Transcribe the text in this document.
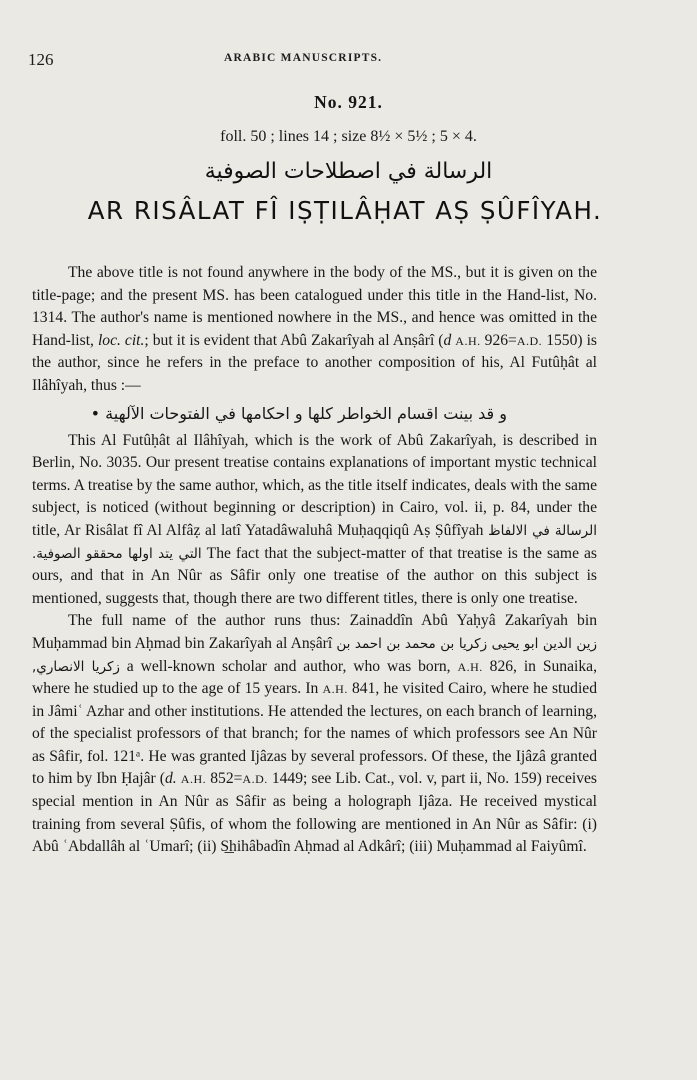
126	ARABIC MANUSCRIPTS.
No. 921.
foll. 50 ; lines 14 ; size 8½ × 5½ ; 5 × 4.
الرسالة في اصطلاحات الصوفية
AR RISÂLAT FÎ IṢṬILÂḤAT AṢ ṢÛFÎYAH.

The above title is not found anywhere in the body of the MS., but it is given on the title-page; and the present MS. has been catalogued under this title in the Hand-list, No. 1314. The author's name is mentioned nowhere in the MS., and hence was omitted in the Hand-list, loc. cit.; but it is evident that Abû Zakarîyah al Anṣârî (d A.H. 926=A.D. 1550) is the author, since he refers in the preface to another composition of his, Al Futûḥât al Ilâhîyah, thus :—

و قد بينت اقسام الخواطر كلها و احكامها في الفتوحات الآلهية •

This Al Futûḥât al Ilâhîyah, which is the work of Abû Zakarîyah, is described in Berlin, No. 3035. Our present treatise contains explanations of important mystic technical terms. A treatise by the same author, which, as the title itself indicates, deals with the same subject, is noticed (without beginning or description) in Cairo, vol. ii, p. 84, under the title, Ar Risâlat fî Al Alfâẓ al latî Yatadâwaluhâ Muḥaqqiqû Aṣ Ṣûfîyah الرسالة في الالفاظ التي يتد اولها محققو الصوفية. The fact that the subject-matter of that treatise is the same as ours, and that in An Nûr as Sâfir only one treatise of the author on this subject is mentioned, suggests that, though there are two different titles, there is only one treatise.

The full name of the author runs thus: Zainaddîn Abû Yaḥyâ Zakarîyah bin Muḥammad bin Aḥmad bin Zakarîyah al Anṣârî زين الدين ابو يحيى زكريا بن محمد بن احمد بن زكريا الانصاري, a well-known scholar and author, who was born, A.H. 826, in Sunaika, where he studied up to the age of 15 years. In A.H. 841, he visited Cairo, where he studied in Jâmiʿ Azhar and other institutions. He attended the lectures, on each branch of learning, of the specialist professors of that branch; for the names of which professors see An Nûr as Sâfir, fol. 121ᵃ. He was granted Ijâzas by several professors. Of these, the Ijâzâ granted to him by Ibn Ḥajâr (d. A.H. 852=A.D. 1449; see Lib. Cat., vol. v, part ii, No. 159) receives special mention in An Nûr as Sâfir as being a holograph Ijâza. He received mystical training from several Ṣûfis, of whom the following are mentioned in An Nûr as Sâfir: (i) Abû ʿAbdallâh al ʿUmarî; (ii) S͟hihâbadîn Aḥmad al Adkârî; (iii) Muḥammad al Faiyûmî.
